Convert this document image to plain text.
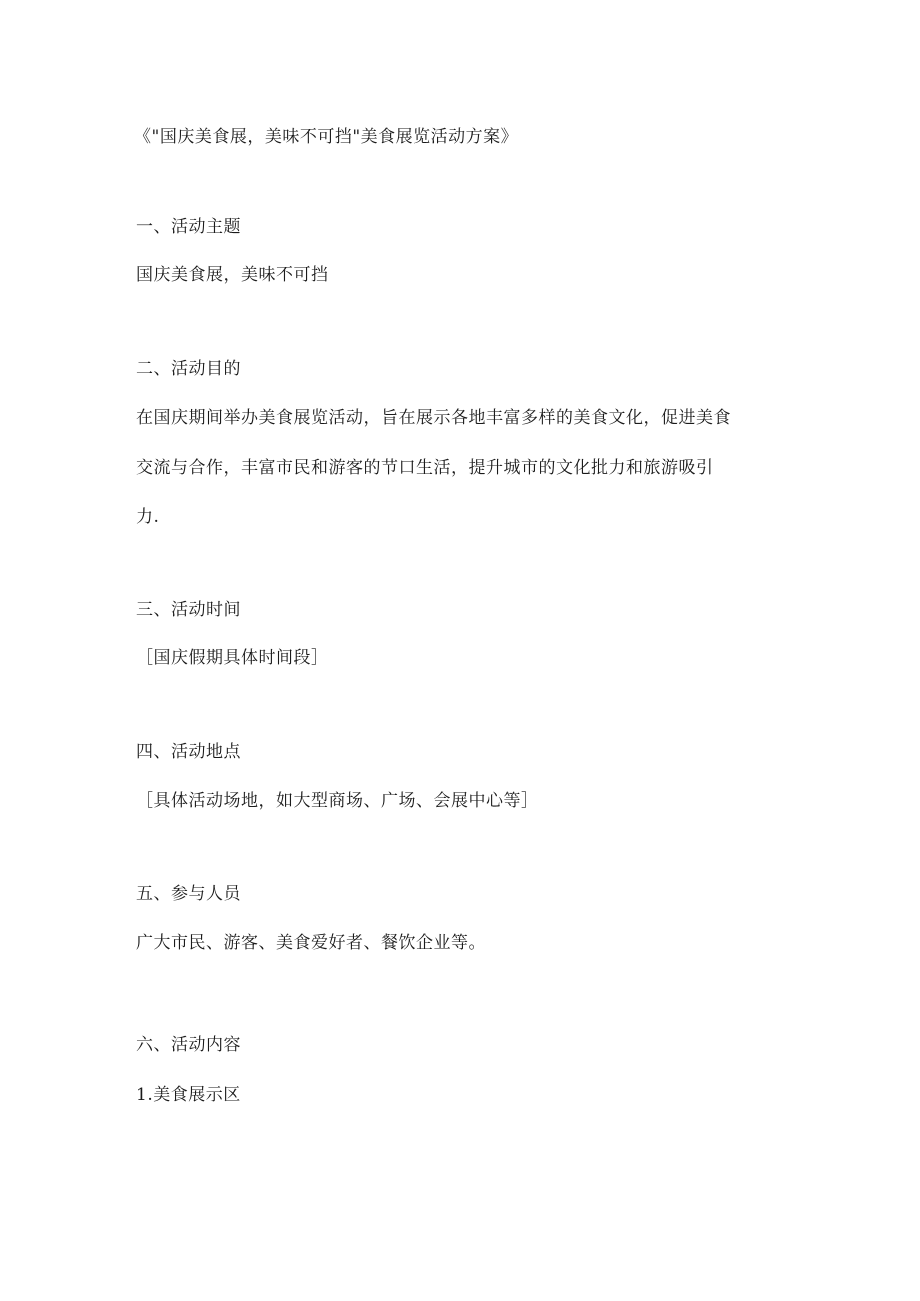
《"国庆美食展，美味不可挡"美食展览活动方案》
一、活动主题
国庆美食展，美味不可挡
二、活动目的
在国庆期间举办美食展览活动，旨在展示各地丰富多样的美食文化，促进美食
交流与合作，丰富市民和游客的节口生活，提升城市的文化批力和旅游吸引
力.
三、活动时间
［国庆假期具体时间段］
四、活动地点
［具体活动场地，如大型商场、广场、会展中心等］
五、参与人员
广大市民、游客、美食爱好者、餐饮企业等。
六、活动内容
1.美食展示区
